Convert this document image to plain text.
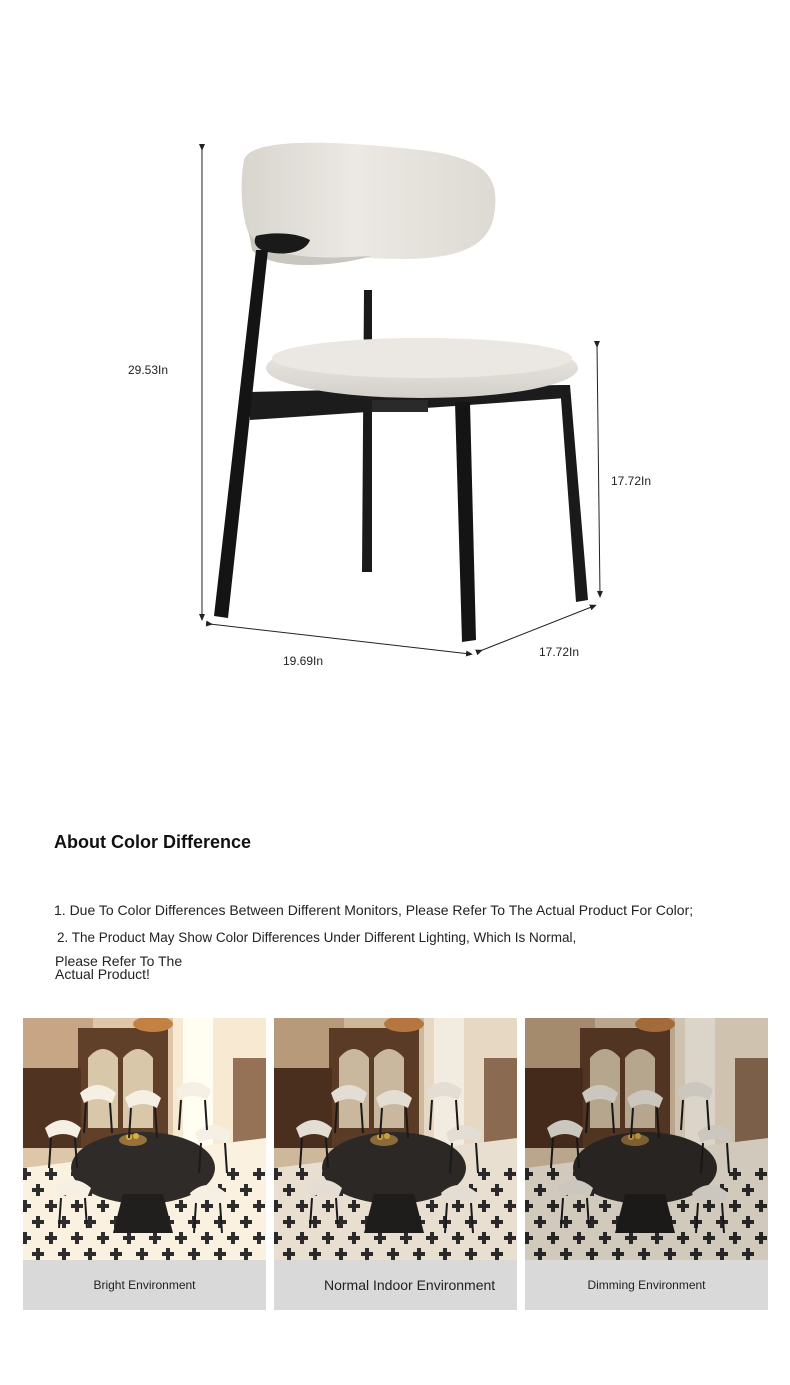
29.53In
17.72In
19.69In
17.72In
About Color Difference
1. Due To Color Differences Between Different Monitors, Please Refer To The Actual Product For Color;
2. The Product May Show Color Differences Under Different Lighting, Which Is Normal,
Please Refer To The Actual Product!
Bright Environment	Normal Indoor Environment	Dimming Environment
